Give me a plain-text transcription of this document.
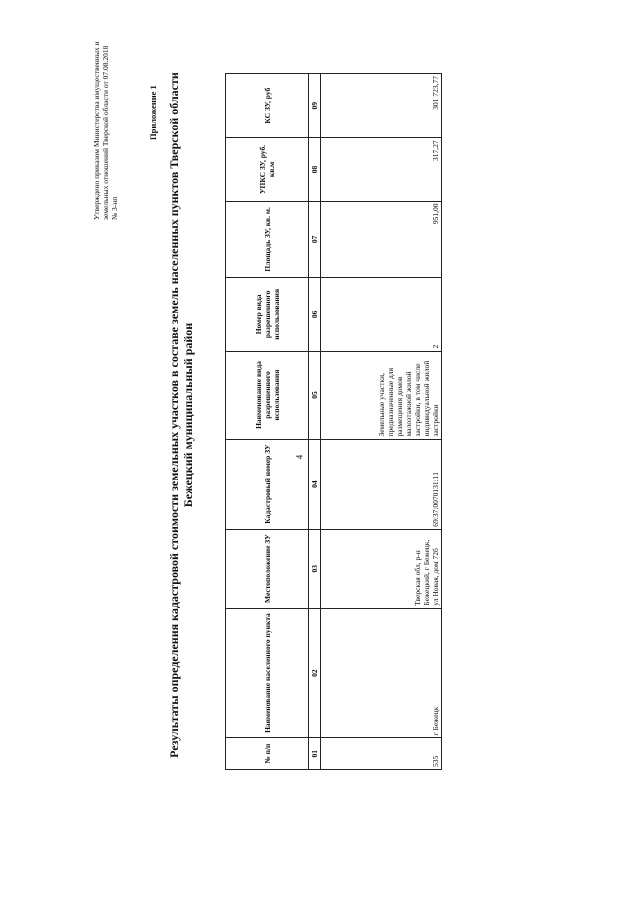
4
Утверждено приказом Министерства имущественных и земельных отношений Тверской области от 07.08.2018 № 3-нп
Приложение 1 Результаты определения кадастровой стоимости земельных участков в составе земель населенных пунктов Тверской области Бежецкий муниципальный район
№ п/п	Наименование населенного пункта	Местоположение ЗУ	Кадастровый номер ЗУ	Наименование вида разрешенного использования	Номер вида разрешенного использования	Площадь ЗУ, кв. м.	УПКС ЗУ, руб. кв.м	КС ЗУ, руб
01	02	03	04	05	06	07	08	09
535	г Бежецк	Тверская обл, р-н Бежецкий, г Бежецк, ул Новая, дом 72б	69:37:0070131:11	Земельные участки, предназначенные для размещения домов малоэтажной жилой застройки, в том числе индивидуальной жилой застройки	2	951,00	317,27	301 723,77
